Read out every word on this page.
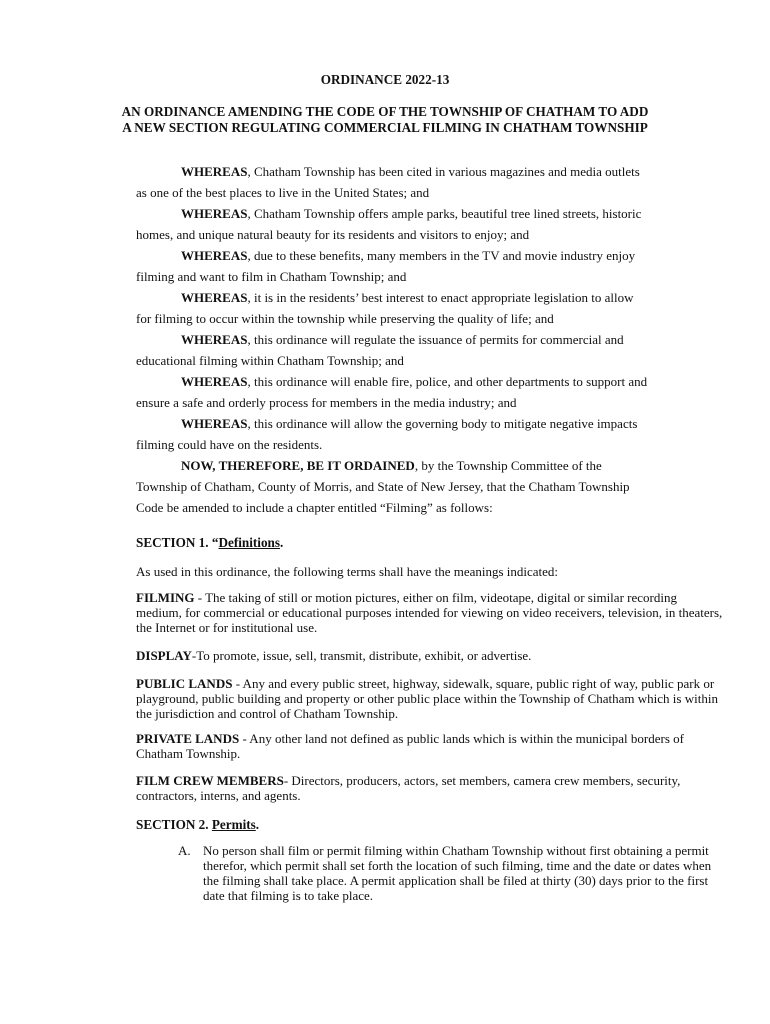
ORDINANCE 2022-13
AN ORDINANCE AMENDING THE CODE OF THE TOWNSHIP OF CHATHAM TO ADD A NEW SECTION REGULATING COMMERCIAL FILMING IN CHATHAM TOWNSHIP
WHEREAS, Chatham Township has been cited in various magazines and media outlets
as one of the best places to live in the United States; and
WHEREAS, Chatham Township offers ample parks, beautiful tree lined streets, historic
homes, and unique natural beauty for its residents and visitors to enjoy; and
WHEREAS, due to these benefits, many members in the TV and movie industry enjoy
filming and want to film in Chatham Township; and
WHEREAS, it is in the residents’ best interest to enact appropriate legislation to allow
for filming to occur within the township while preserving the quality of life; and
WHEREAS, this ordinance will regulate the issuance of permits for commercial and
educational filming within Chatham Township; and
WHEREAS, this ordinance will enable fire, police, and other departments to support and
ensure a safe and orderly process for members in the media industry; and
WHEREAS, this ordinance will allow the governing body to mitigate negative impacts
filming could have on the residents.
NOW, THEREFORE, BE IT ORDAINED, by the Township Committee of the
Township of Chatham, County of Morris, and State of New Jersey, that the Chatham Township
Code be amended to include a chapter entitled “Filming” as follows:
SECTION 1. “Definitions.
As used in this ordinance, the following terms shall have the meanings indicated:
FILMING - The taking of still or motion pictures, either on film, videotape, digital or similar recording medium, for commercial or educational purposes intended for viewing on video receivers, television, in theaters, the Internet or for institutional use.
DISPLAY-To promote, issue, sell, transmit, distribute, exhibit, or advertise.
PUBLIC LANDS - Any and every public street, highway, sidewalk, square, public right of way, public park or playground, public building and property or other public place within the Township of Chatham which is within the jurisdiction and control of Chatham Township.
PRIVATE LANDS - Any other land not defined as public lands which is within the municipal borders of Chatham Township.
FILM CREW MEMBERS- Directors, producers, actors, set members, camera crew members, security, contractors, interns, and agents.
SECTION 2. Permits.
A. No person shall film or permit filming within Chatham Township without first obtaining a permit therefor, which permit shall set forth the location of such filming, time and the date or dates when the filming shall take place. A permit application shall be filed at thirty (30) days prior to the first date that filming is to take place.
